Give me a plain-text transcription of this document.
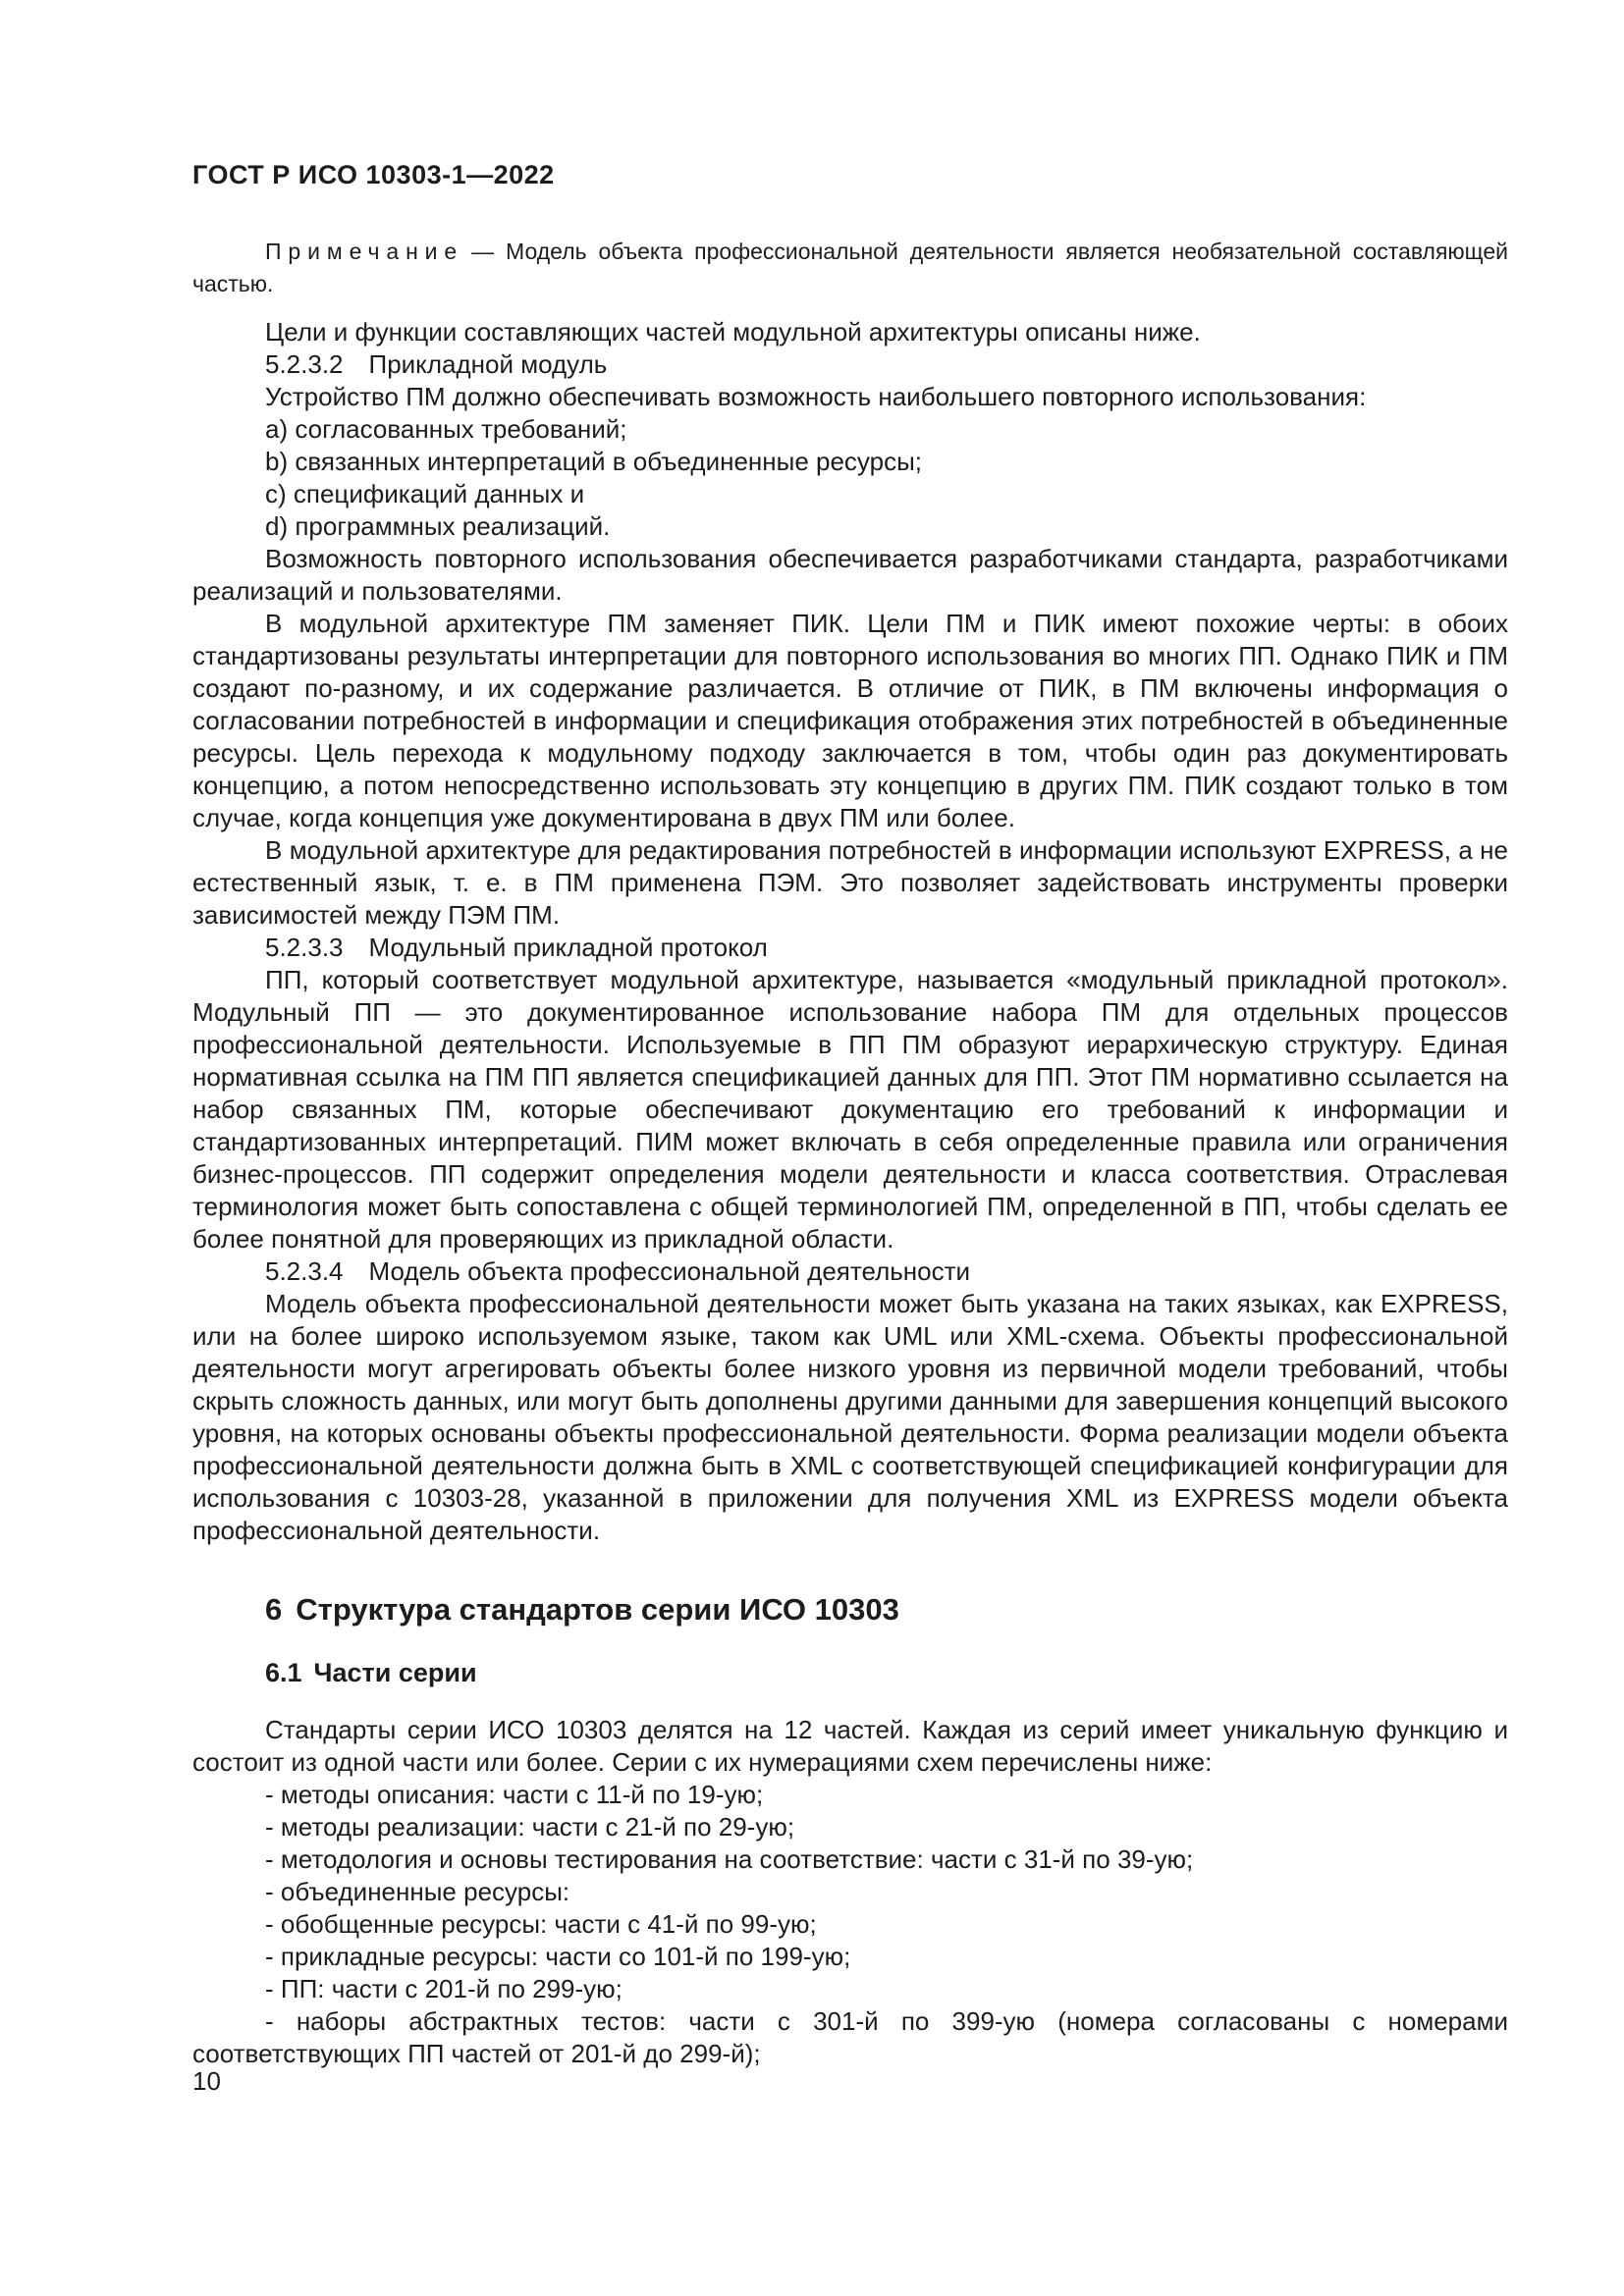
ГОСТ Р ИСО 10303-1—2022

Примечание — Модель объекта профессиональной деятельности является необязательной составляющей частью.

Цели и функции составляющих частей модульной архитектуры описаны ниже.

5.2.3.2 Прикладной модуль

Устройство ПМ должно обеспечивать возможность наибольшего повторного использования:

a) согласованных требований;

b) связанных интерпретаций в объединенные ресурсы;

c) спецификаций данных и

d) программных реализаций.

Возможность повторного использования обеспечивается разработчиками стандарта, разработчиками реализаций и пользователями.

В модульной архитектуре ПМ заменяет ПИК. Цели ПМ и ПИК имеют похожие черты: в обоих стандартизованы результаты интерпретации для повторного использования во многих ПП. Однако ПИК и ПМ создают по-разному, и их содержание различается. В отличие от ПИК, в ПМ включены информация о согласовании потребностей в информации и спецификация отображения этих потребностей в объединенные ресурсы. Цель перехода к модульному подходу заключается в том, чтобы один раз документировать концепцию, а потом непосредственно использовать эту концепцию в других ПМ. ПИК создают только в том случае, когда концепция уже документирована в двух ПМ или более.

В модульной архитектуре для редактирования потребностей в информации используют EXPRESS, а не естественный язык, т. е. в ПМ применена ПЭМ. Это позволяет задействовать инструменты проверки зависимостей между ПЭМ ПМ.

5.2.3.3 Модульный прикладной протокол

ПП, который соответствует модульной архитектуре, называется «модульный прикладной протокол». Модульный ПП — это документированное использование набора ПМ для отдельных процессов профессиональной деятельности. Используемые в ПП ПМ образуют иерархическую структуру. Единая нормативная ссылка на ПМ ПП является спецификацией данных для ПП. Этот ПМ нормативно ссылается на набор связанных ПМ, которые обеспечивают документацию его требований к информации и стандартизованных интерпретаций. ПИМ может включать в себя определенные правила или ограничения бизнес-процессов. ПП содержит определения модели деятельности и класса соответствия. Отраслевая терминология может быть сопоставлена с общей терминологией ПМ, определенной в ПП, чтобы сделать ее более понятной для проверяющих из прикладной области.

5.2.3.4 Модель объекта профессиональной деятельности

Модель объекта профессиональной деятельности может быть указана на таких языках, как EXPRESS, или на более широко используемом языке, таком как UML или XML-схема. Объекты профессиональной деятельности могут агрегировать объекты более низкого уровня из первичной модели требований, чтобы скрыть сложность данных, или могут быть дополнены другими данными для завершения концепций высокого уровня, на которых основаны объекты профессиональной деятельности. Форма реализации модели объекта профессиональной деятельности должна быть в XML с соответствующей спецификацией конфигурации для использования с 10303-28, указанной в приложении для получения XML из EXPRESS модели объекта профессиональной деятельности.

6 Структура стандартов серии ИСО 10303
6.1 Части серии

Стандарты серии ИСО 10303 делятся на 12 частей. Каждая из серий имеет уникальную функцию и состоит из одной части или более. Серии с их нумерациями схем перечислены ниже:

- методы описания: части с 11-й по 19-ую;

- методы реализации: части с 21-й по 29-ую;

- методология и основы тестирования на соответствие: части с 31-й по 39-ую;

- объединенные ресурсы:

- обобщенные ресурсы: части с 41-й по 99-ую;

- прикладные ресурсы: части со 101-й по 199-ую;

- ПП: части с 201-й по 299-ую;

- наборы абстрактных тестов: части с 301-й по 399-ую (номера согласованы с номерами соответствующих ПП частей от 201-й до 299-й);

10
